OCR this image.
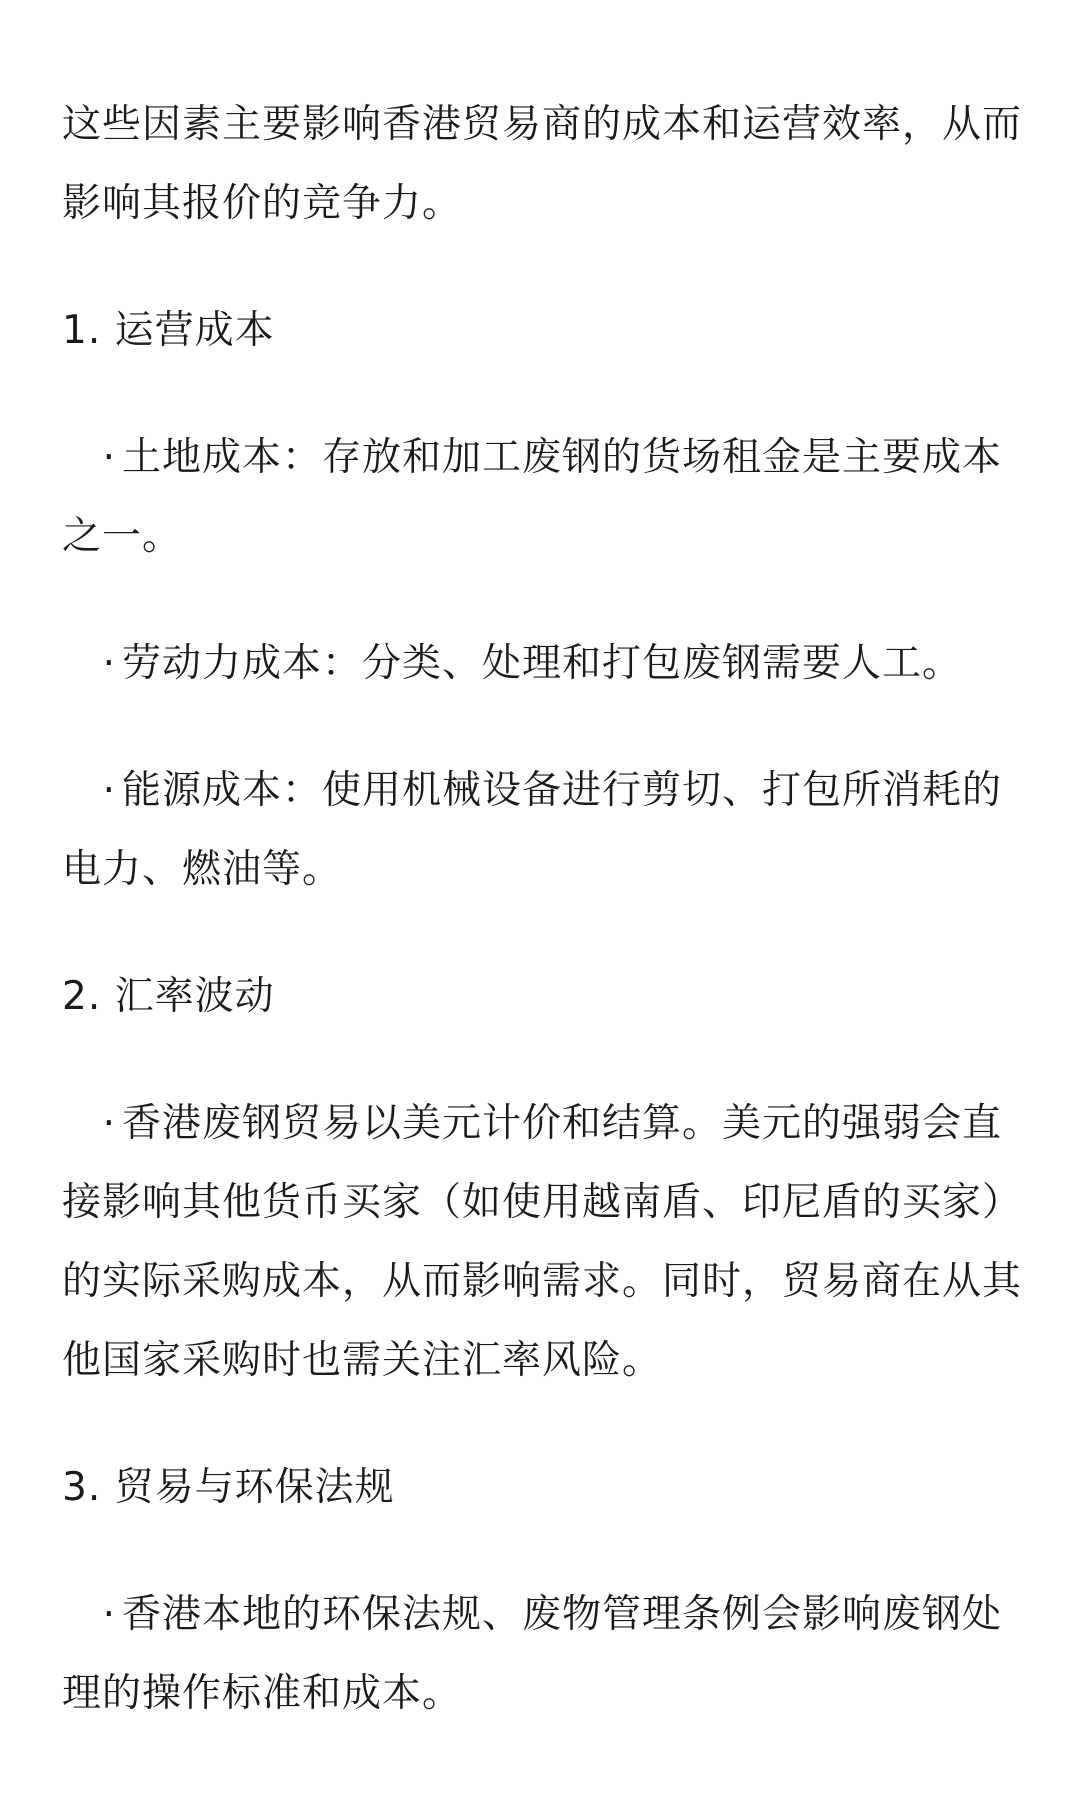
这些因素主要影响香港贸易商的成本和运营效率，从而影响其报价的竞争力。

1. 运营成本

· 土地成本：存放和加工废钢的货场租金是主要成本之一。

· 劳动力成本：分类、处理和打包废钢需要人工。

· 能源成本：使用机械设备进行剪切、打包所消耗的电力、燃油等。

2. 汇率波动

· 香港废钢贸易以美元计价和结算。美元的强弱会直接影响其他货币买家（如使用越南盾、印尼盾的买家）的实际采购成本，从而影响需求。同时，贸易商在从其他国家采购时也需关注汇率风险。

3. 贸易与环保法规

· 香港本地的环保法规、废物管理条例会影响废钢处理的操作标准和成本。
